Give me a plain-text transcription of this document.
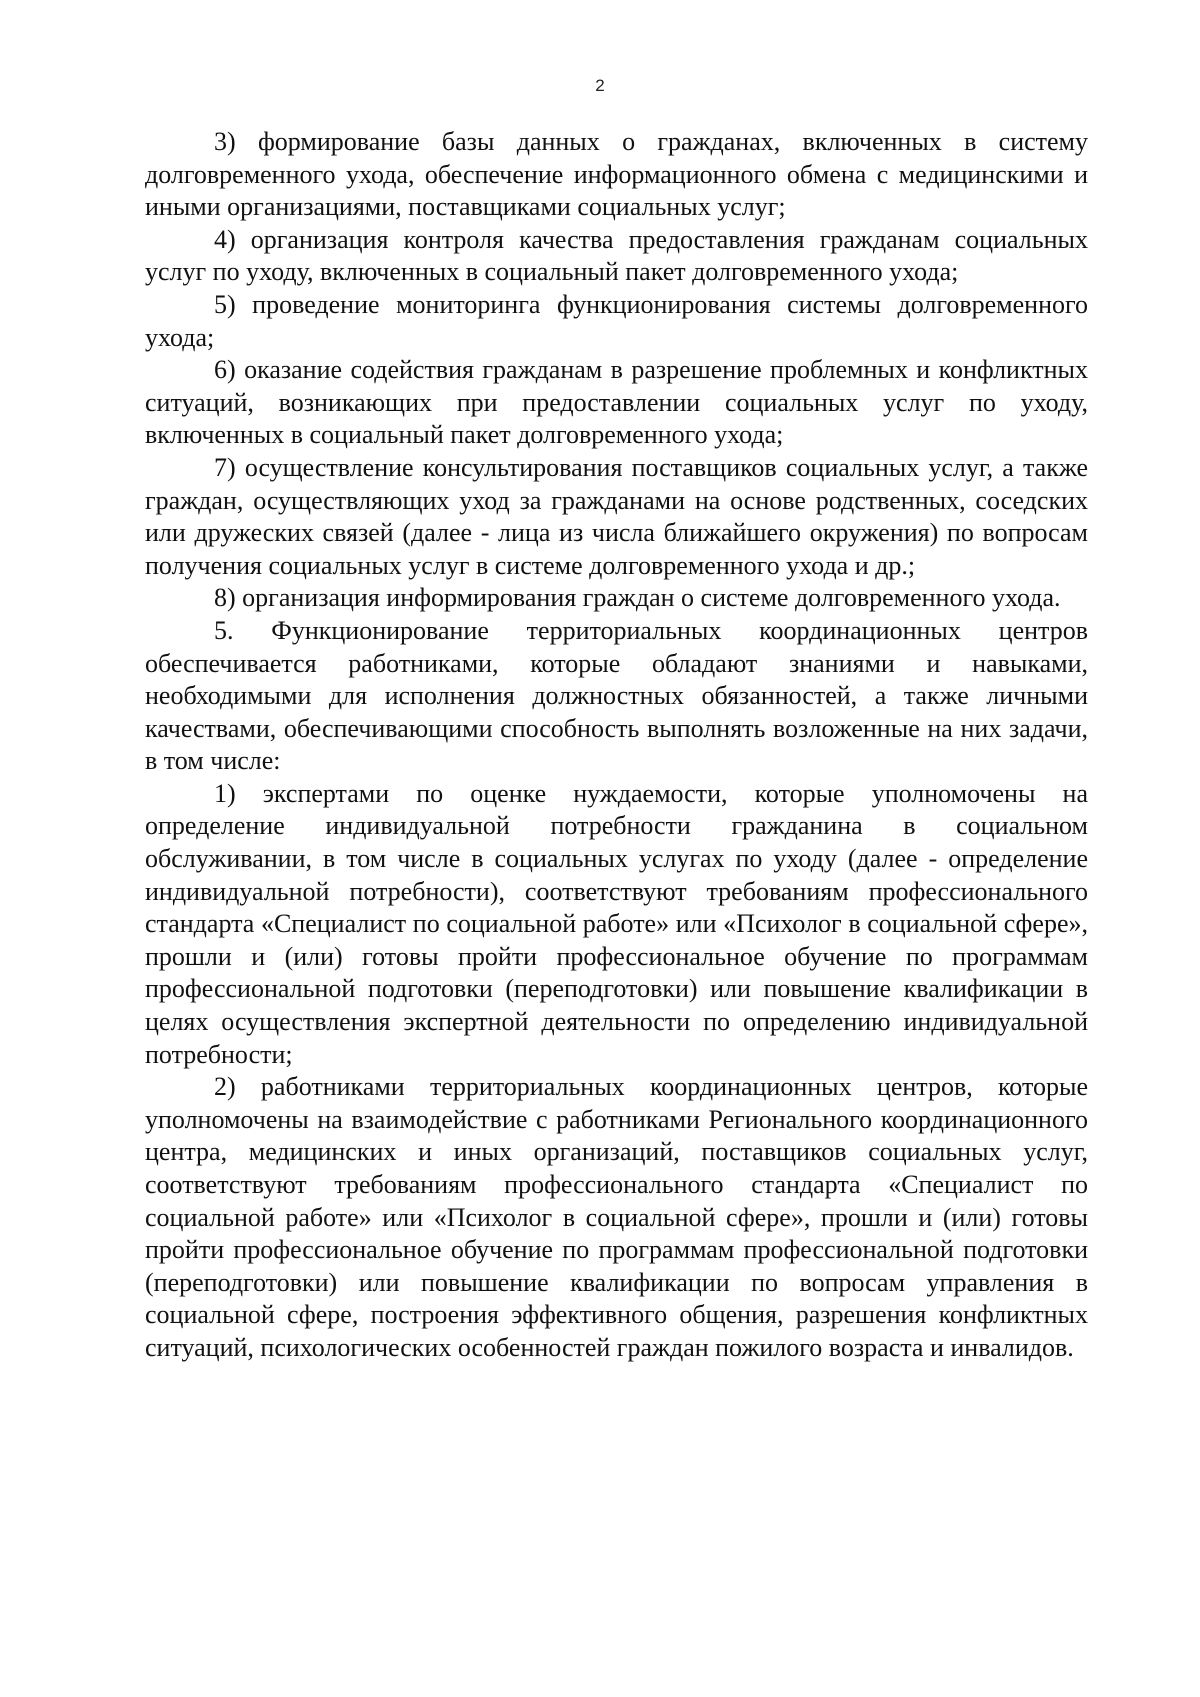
2

3) формирование базы данных о гражданах, включенных в систему долговременного ухода, обеспечение информационного обмена с медицинскими и иными организациями, поставщиками социальных услуг;

4) организация контроля качества предоставления гражданам социальных услуг по уходу, включенных в социальный пакет долговременного ухода;

5) проведение мониторинга функционирования системы долговременного ухода;

6) оказание содействия гражданам в разрешение проблемных и конфликтных ситуаций, возникающих при предоставлении социальных услуг по уходу, включенных в социальный пакет долговременного ухода;

7) осуществление консультирования поставщиков социальных услуг, а также граждан, осуществляющих уход за гражданами на основе родственных, соседских или дружеских связей (далее - лица из числа ближайшего окружения) по вопросам получения социальных услуг в системе долговременного ухода и др.;

8) организация информирования граждан о системе долговременного ухода.

5. Функционирование территориальных координационных центров обеспечивается работниками, которые обладают знаниями и навыками, необходимыми для исполнения должностных обязанностей, а также личными качествами, обеспечивающими способность выполнять возложенные на них задачи, в том числе:

1) экспертами по оценке нуждаемости, которые уполномочены на определение индивидуальной потребности гражданина в социальном обслуживании, в том числе в социальных услугах по уходу (далее - определение индивидуальной потребности), соответствуют требованиям профессионального стандарта «Специалист по социальной работе» или «Психолог в социальной сфере», прошли и (или) готовы пройти профессиональное обучение по программам профессиональной подготовки (переподготовки) или повышение квалификации в целях осуществления экспертной деятельности по определению индивидуальной потребности;

2) работниками территориальных координационных центров, которые уполномочены на взаимодействие с работниками Регионального координационного центра, медицинских и иных организаций, поставщиков социальных услуг, соответствуют требованиям профессионального стандарта «Специалист по социальной работе» или «Психолог в социальной сфере», прошли и (или) готовы пройти профессиональное обучение по программам профессиональной подготовки (переподготовки) или повышение квалификации по вопросам управления в социальной сфере, построения эффективного общения, разрешения конфликтных ситуаций, психологических особенностей граждан пожилого возраста и инвалидов.
